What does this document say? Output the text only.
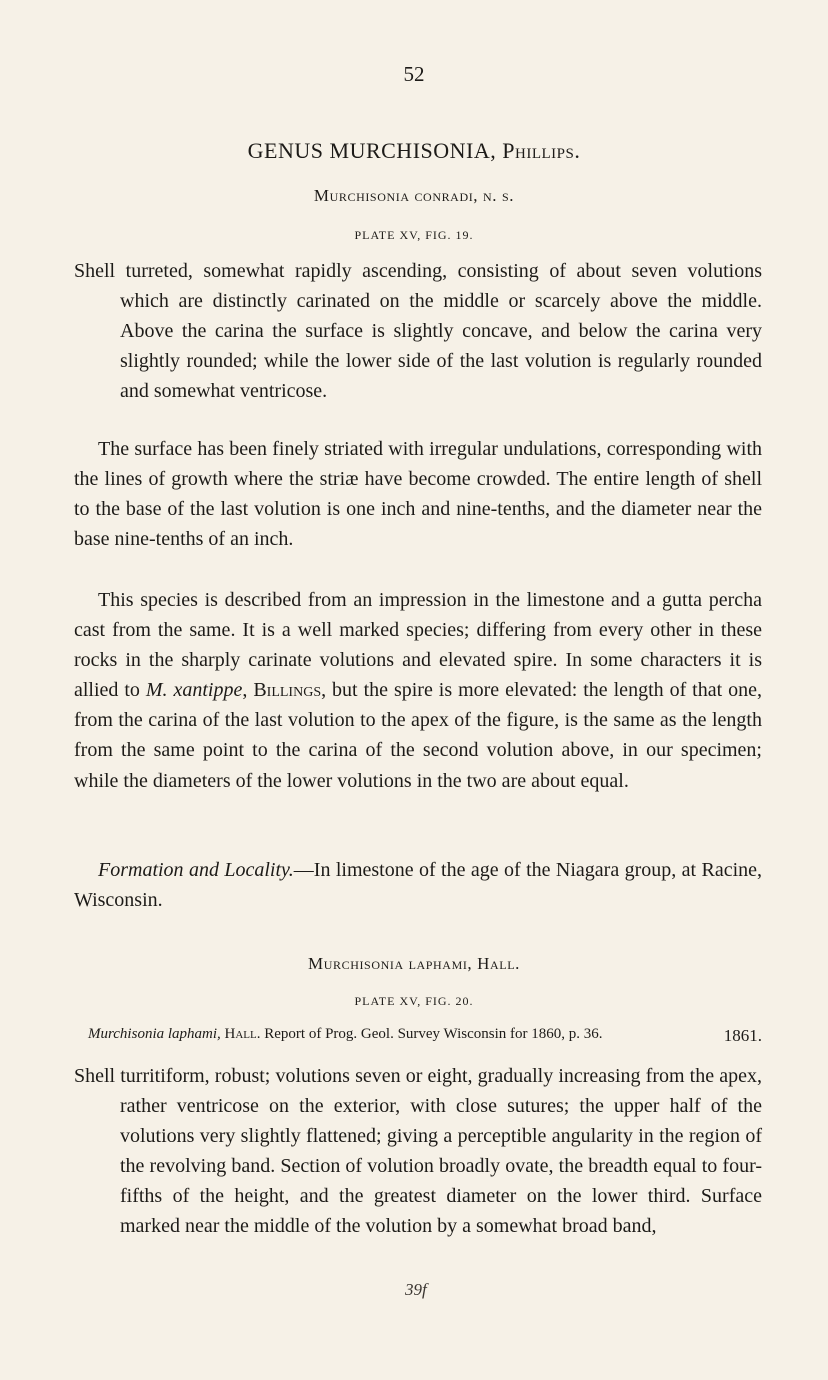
52
GENUS MURCHISONIA, Phillips.
Murchisonia conradi, n. s.
PLATE XV, FIG. 19.

Shell turreted, somewhat rapidly ascending, consisting of about seven volutions which are distinctly carinated on the middle or scarcely above the middle. Above the carina the surface is slightly concave, and below the carina very slightly rounded; while the lower side of the last volution is regularly rounded and somewhat ventricose.

The surface has been finely striated with irregular undulations, corresponding with the lines of growth where the striæ have become crowded. The entire length of shell to the base of the last volution is one inch and nine-tenths, and the diameter near the base nine-tenths of an inch.

This species is described from an impression in the limestone and a gutta percha cast from the same. It is a well marked species; differing from every other in these rocks in the sharply carinate volutions and elevated spire. In some characters it is allied to M. xantippe, Billings, but the spire is more elevated: the length of that one, from the carina of the last volution to the apex of the figure, is the same as the length from the same point to the carina of the second volution above, in our specimen; while the diameters of the lower volutions in the two are about equal.

Formation and Locality.—In limestone of the age of the Niagara group, at Racine, Wisconsin.

Murchisonia laphami, Hall.
PLATE XV, FIG. 20.
Murchisonia laphami, Hall. Report of Prog. Geol. Survey Wisconsin for 1860, p. 36.	1861.

Shell turritiform, robust; volutions seven or eight, gradually increasing from the apex, rather ventricose on the exterior, with close sutures; the upper half of the volutions very slightly flattened; giving a perceptible angularity in the region of the revolving band. Section of volution broadly ovate, the breadth equal to four-fifths of the height, and the greatest diameter on the lower third. Surface marked near the middle of the volution by a somewhat broad band,

39f
